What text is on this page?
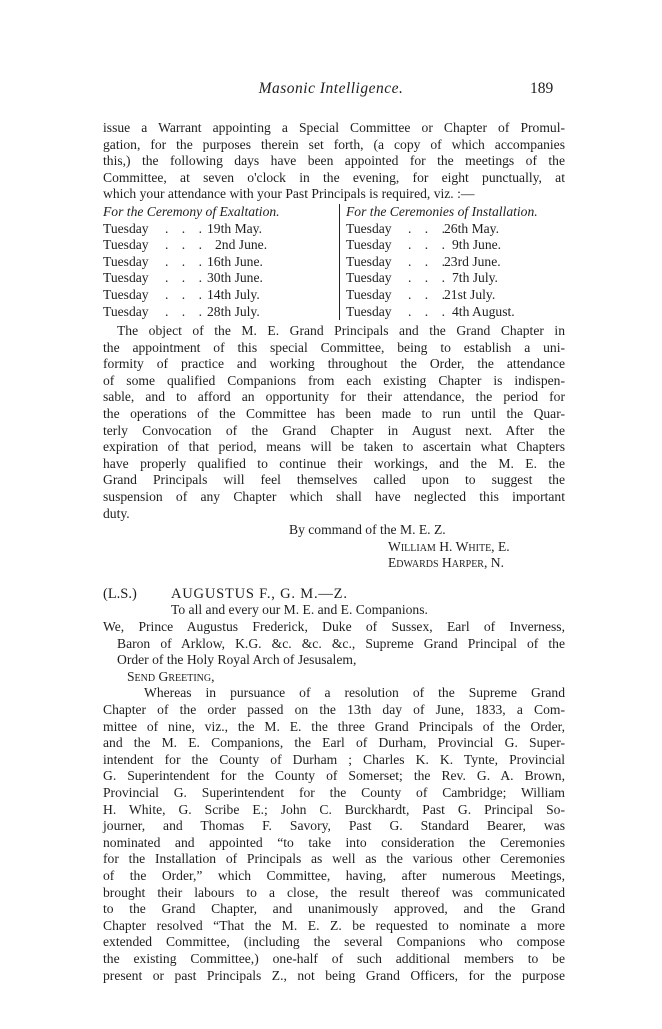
Masonic Intelligence.	189
issue a Warrant appointing a Special Committee or Chapter of Promul-
gation, for the purposes therein set forth, (a copy of which accompanies
this,) the following days have been appointed for the meetings of the
Committee, at seven o'clock in the evening, for eight punctually, at
which your attendance with your Past Principals is required, viz. :—
For the Ceremony of Exaltation.
Tuesday . . . 19th May.
Tuesday . . . 2nd June.
Tuesday . . . 16th June.
Tuesday . . . 30th June.
Tuesday . . . 14th July.
Tuesday . . . 28th July.
For the Ceremonies of Installation.
Tuesday . . .
26th May.
Tuesday . . . 9th June.
Tuesday . . .
23rd June.
Tuesday . . . 7th July.
Tuesday . . .
21st July.
Tuesday . . . 4th August.
The object of the M. E. Grand Principals and the Grand Chapter in
the appointment of this special Committee, being to establish a uni-
formity of practice and working throughout the Order, the attendance
of some qualified Companions from each existing Chapter is indispen-
sable, and to afford an opportunity for their attendance, the period for
the operations of the Committee has been made to run until the Quar-
terly Convocation of the Grand Chapter in August next. After the
expiration of that period, means will be taken to ascertain what Chapters
have properly qualified to continue their workings, and the M. E. the
Grand Principals will feel themselves called upon to suggest the
suspension of any Chapter which shall have neglected this important
duty.
By command of the M. E. Z.
William H. White, E.
Edwards Harper, N.
(L.S.) AUGUSTUS F., G. M.—Z.
To all and every our M. E. and E. Companions.
We, Prince Augustus Frederick, Duke of Sussex, Earl of Inverness,
Baron of Arklow, K.G. &c. &c. &c., Supreme Grand Principal of the
Order of the Holy Royal Arch of Jesusalem,
Send Greeting,
Whereas in pursuance of a resolution of the Supreme Grand
Chapter of the order passed on the 13th day of June, 1833, a Com-
mittee of nine, viz., the M. E. the three Grand Principals of the Order,
and the M. E. Companions, the Earl of Durham, Provincial G. Super-
intendent for the County of Durham ; Charles K. K. Tynte, Provincial
G. Superintendent for the County of Somerset; the Rev. G. A. Brown,
Provincial G. Superintendent for the County of Cambridge; William
H. White, G. Scribe E.; John C. Burckhardt, Past G. Principal So-
journer, and Thomas F. Savory, Past G. Standard Bearer, was
nominated and appointed “to take into consideration the Ceremonies
for the Installation of Principals as well as the various other Ceremonies
of the Order,” which Committee, having, after numerous Meetings,
brought their labours to a close, the result thereof was communicated
to the Grand Chapter, and unanimously approved, and the Grand
Chapter resolved “That the M. E. Z. be requested to nominate a more
extended Committee, (including the several Companions who compose
the existing Committee,) one-half of such additional members to be
present or past Principals Z., not being Grand Officers, for the purpose
